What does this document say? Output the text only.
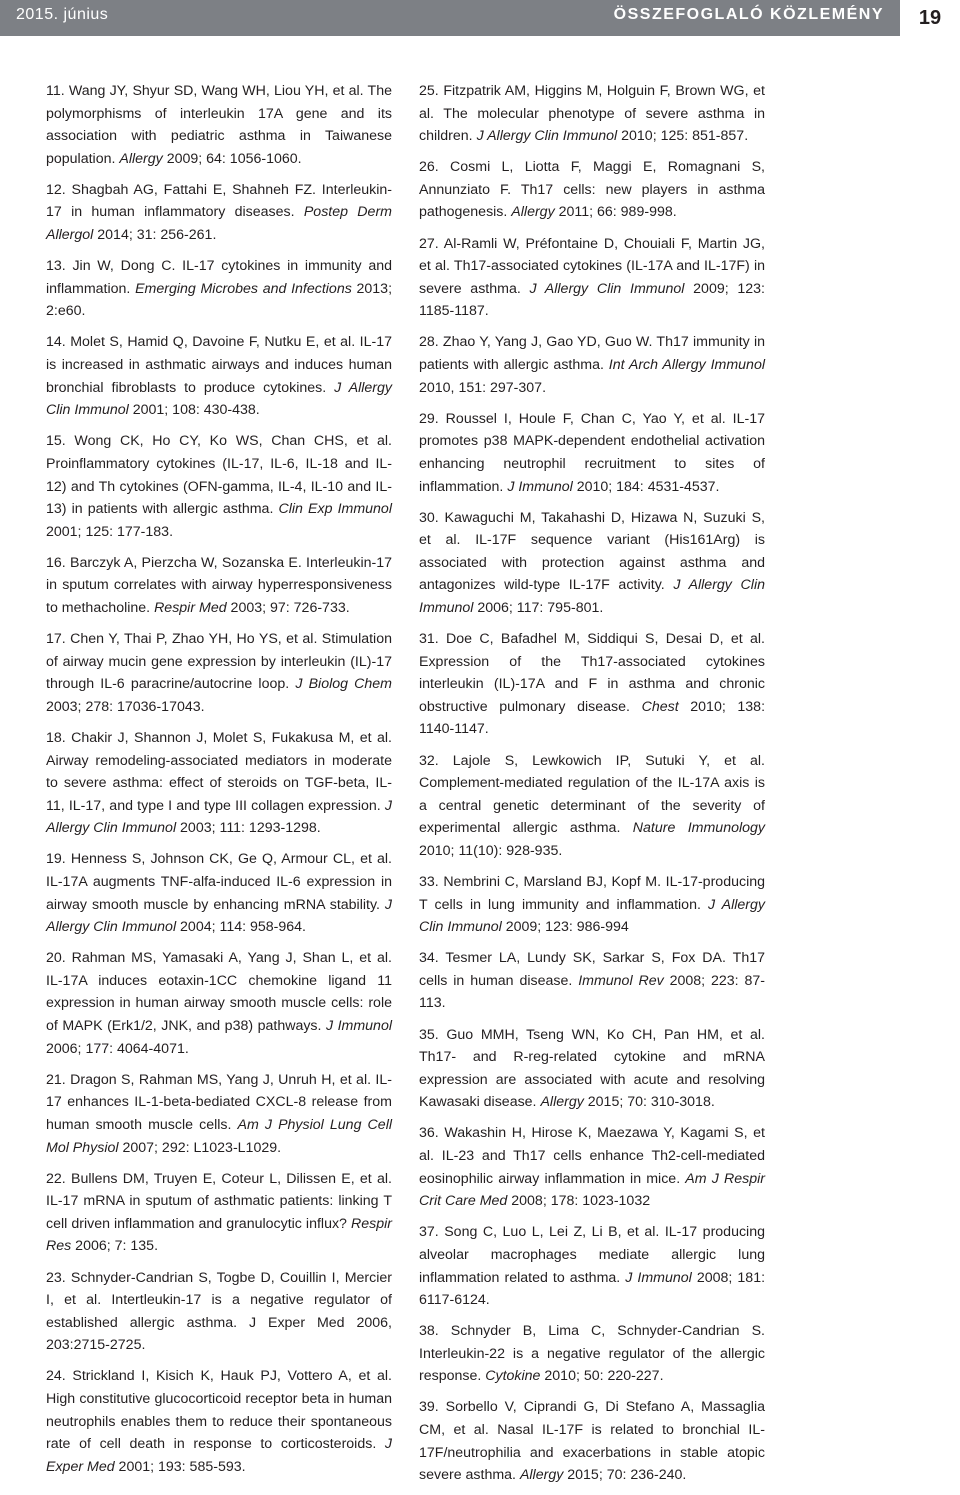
2015. június	ÖSSZEFOGLALÓ KÖZLEMÉNY	19

11. Wang JY, Shyur SD, Wang WH, Liou YH, et al. The polymorphisms of interleukin 17A gene and its association with pediatric asthma in Taiwanese population. Allergy 2009; 64: 1056-1060.

12. Shagbah AG, Fattahi E, Shahneh FZ. Interleukin-17 in human inflammatory diseases. Postep Derm Allergol 2014; 31: 256-261.

13. Jin W, Dong C. IL-17 cytokines in immunity and inflammation. Emerging Microbes and Infections 2013; 2:e60.

14. Molet S, Hamid Q, Davoine F, Nutku E, et al. IL-17 is increased in asthmatic airways and induces human bronchial fibroblasts to produce cytokines. J Allergy Clin Immunol 2001; 108: 430-438.

15. Wong CK, Ho CY, Ko WS, Chan CHS, et al. Proinflammatory cytokines (IL-17, IL-6, IL-18 and IL-12) and Th cytokines (OFN-gamma, IL-4, IL-10 and IL-13) in patients with allergic asthma. Clin Exp Immunol 2001; 125: 177-183.

16. Barczyk A, Pierzcha W, Sozanska E. Interleukin-17 in sputum correlates with airway hyperresponsiveness to methacholine. Respir Med 2003; 97: 726-733.

17. Chen Y, Thai P, Zhao YH, Ho YS, et al. Stimulation of airway mucin gene expression by interleukin (IL)-17 through IL-6 paracrine/autocrine loop. J Biolog Chem 2003; 278: 17036-17043.

18. Chakir J, Shannon J, Molet S, Fukakusa M, et al. Airway remodeling-associated mediators in moderate to severe asthma: effect of steroids on TGF-beta, IL-11, IL-17, and type I and type III collagen expression. J Allergy Clin Immunol 2003; 111: 1293-1298.

19. Henness S, Johnson CK, Ge Q, Armour CL, et al. IL-17A augments TNF-alfa-induced IL-6 expression in airway smooth muscle by enhancing mRNA stability. J Allergy Clin Immunol 2004; 114: 958-964.

20. Rahman MS, Yamasaki A, Yang J, Shan L, et al. IL-17A induces eotaxin-1CC chemokine ligand 11 expression in human airway smooth muscle cells: role of MAPK (Erk1/2, JNK, and p38) pathways. J Immunol 2006; 177: 4064-4071.

21. Dragon S, Rahman MS, Yang J, Unruh H, et al. IL-17 enhances IL-1-beta-bediated CXCL-8 release from human smooth muscle cells. Am J Physiol Lung Cell Mol Physiol 2007; 292: L1023-L1029.

22. Bullens DM, Truyen E, Coteur L, Dilissen E, et al. IL-17 mRNA in sputum of asthmatic patients: linking T cell driven inflammation and granulocytic influx? Respir Res 2006; 7: 135.

23. Schnyder-Candrian S, Togbe D, Couillin I, Mercier I, et al. Intertleukin-17 is a negative regulator of established allergic asthma. J Exper Med 2006, 203:2715-2725.

24. Strickland I, Kisich K, Hauk PJ, Vottero A, et al. High constitutive glucocorticoid receptor beta in human neutrophils enables them to reduce their spontaneous rate of cell death in response to corticosteroids. J Exper Med 2001; 193: 585-593.

25. Fitzpatrik AM, Higgins M, Holguin F, Brown WG, et al. The molecular phenotype of severe asthma in children. J Allergy Clin Immunol 2010; 125: 851-857.

26. Cosmi L, Liotta F, Maggi E, Romagnani S, Annunziato F. Th17 cells: new players in asthma pathogenesis. Allergy 2011; 66: 989-998.

27. Al-Ramli W, Préfontaine D, Chouiali F, Martin JG, et al. Th17-associated cytokines (IL-17A and IL-17F) in severe asthma. J Allergy Clin Immunol 2009; 123: 1185-1187.

28. Zhao Y, Yang J, Gao YD, Guo W. Th17 immunity in patients with allergic asthma. Int Arch Allergy Immunol 2010, 151: 297-307.

29. Roussel I, Houle F, Chan C, Yao Y, et al. IL-17 promotes p38 MAPK-dependent endothelial activation enhancing neutrophil recruitment to sites of inflammation. J Immunol 2010; 184: 4531-4537.

30. Kawaguchi M, Takahashi D, Hizawa N, Suzuki S, et al. IL-17F sequence variant (His161Arg) is associated with protection against asthma and antagonizes wild-type IL-17F activity. J Allergy Clin Immunol 2006; 117: 795-801.

31. Doe C, Bafadhel M, Siddiqui S, Desai D, et al. Expression of the Th17-associated cytokines interleukin (IL)-17A and F in asthma and chronic obstructive pulmonary disease. Chest 2010; 138: 1140-1147.

32. Lajole S, Lewkowich IP, Sutuki Y, et al. Complement-mediated regulation of the IL-17A axis is a central genetic determinant of the severity of experimental allergic asthma. Nature Immunology 2010; 11(10): 928-935.

33. Nembrini C, Marsland BJ, Kopf M. IL-17-producing T cells in lung immunity and inflammation. J Allergy Clin Immunol 2009; 123: 986-994

34. Tesmer LA, Lundy SK, Sarkar S, Fox DA. Th17 cells in human disease. Immunol Rev 2008; 223: 87-113.

35. Guo MMH, Tseng WN, Ko CH, Pan HM, et al. Th17- and R-reg-related cytokine and mRNA expression are associated with acute and resolving Kawasaki disease. Allergy 2015; 70: 310-3018.

36. Wakashin H, Hirose K, Maezawa Y, Kagami S, et al. IL-23 and Th17 cells enhance Th2-cell-mediated eosinophilic airway inflammation in mice. Am J Respir Crit Care Med 2008; 178: 1023-1032

37. Song C, Luo L, Lei Z, Li B, et al. IL-17 producing alveolar macrophages mediate allergic lung inflammation related to asthma. J Immunol 2008; 181: 6117-6124.

38. Schnyder B, Lima C, Schnyder-Candrian S. Interleukin-22 is a negative regulator of the allergic response. Cytokine 2010; 50: 220-227.

39. Sorbello V, Ciprandi G, Di Stefano A, Massaglia CM, et al. Nasal IL-17F is related to bronchial IL-17F/neutrophilia and exacerbations in stable atopic severe asthma. Allergy 2015; 70: 236-240.
